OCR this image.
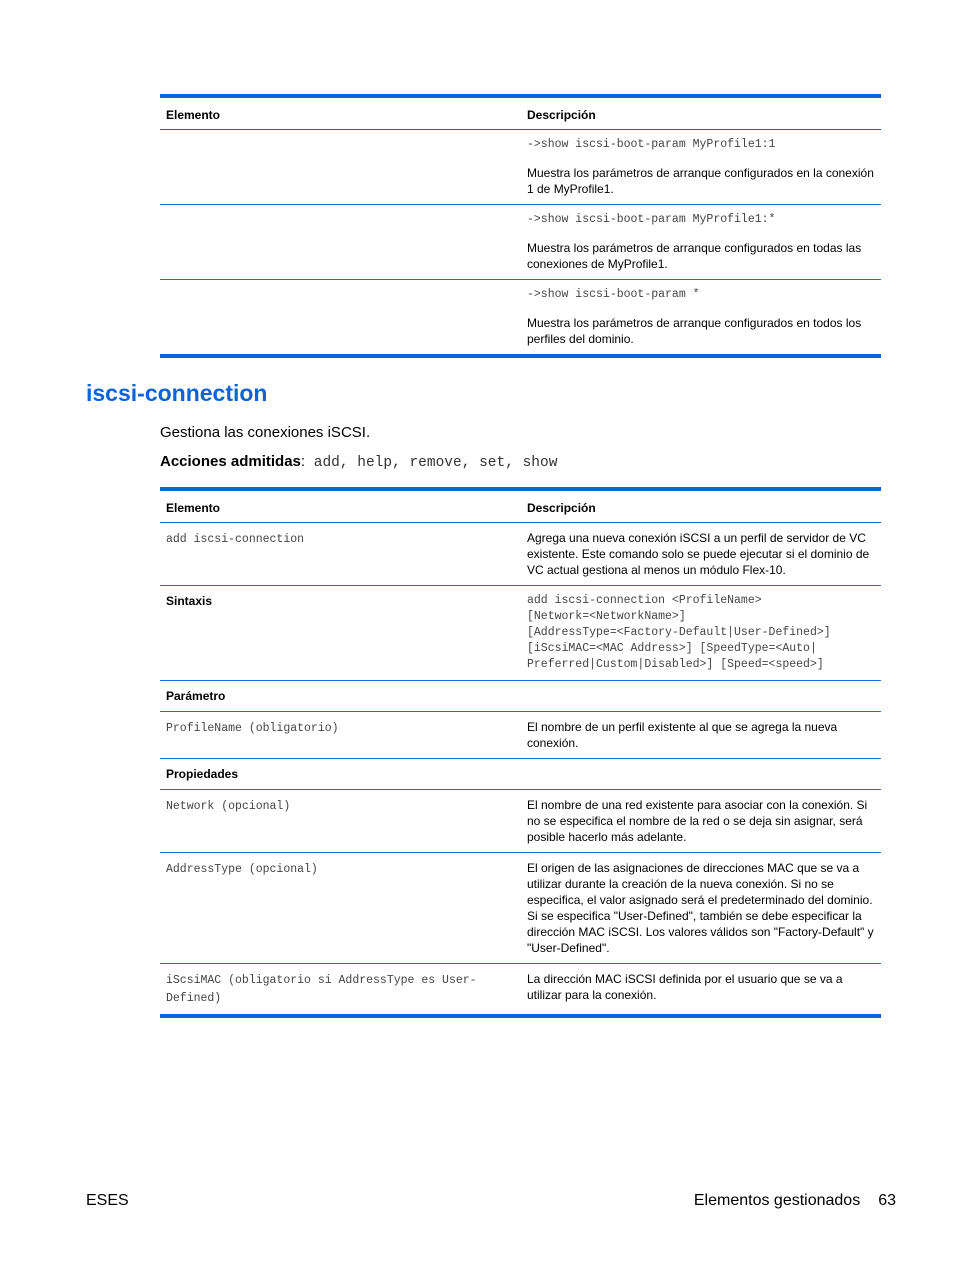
Elemento	Descripción

	->show iscsi-boot-param MyProfile1:1
Muestra los parámetros de arranque configurados en la conexión 1 de MyProfile1.

	->show iscsi-boot-param MyProfile1:*
Muestra los parámetros de arranque configurados en todas las conexiones de MyProfile1.

	->show iscsi-boot-param *
Muestra los parámetros de arranque configurados en todos los perfiles del dominio.
iscsi-connection
Gestiona las conexiones iSCSI.
Acciones admitidas: add, help, remove, set, show
Elemento	Descripción
add iscsi-connection	Agrega una nueva conexión iSCSI a un perfil de servidor de VC existente. Este comando solo se puede ejecutar si el dominio de VC actual gestiona al menos un módulo Flex-10.
Sintaxis	add iscsi-connection <ProfileName>
[Network=<NetworkName>]
[AddressType=<Factory-Default|User-Defined>]
[iScsiMAC=<MAC Address>] [SpeedType=<Auto|
Preferred|Custom|Disabled>] [Speed=<speed>]

Parámetro	
ProfileName (obligatorio)	El nombre de un perfil existente al que se agrega la nueva conexión.
Propiedades	
Network (opcional)	El nombre de una red existente para asociar con la conexión. Si no se especifica el nombre de la red o se deja sin asignar, será posible hacerlo más adelante.
AddressType (opcional)	El origen de las asignaciones de direcciones MAC que se va a utilizar durante la creación de la nueva conexión. Si no se especifica, el valor asignado será el predeterminado del dominio. Si se especifica "User-Defined", también se debe especificar la dirección MAC iSCSI. Los valores válidos son "Factory-Default" y "User-Defined".
iScsiMAC (obligatorio si AddressType es User-Defined)	La dirección MAC iSCSI definida por el usuario que se va a utilizar para la conexión.
ESES	Elementos gestionados 63
